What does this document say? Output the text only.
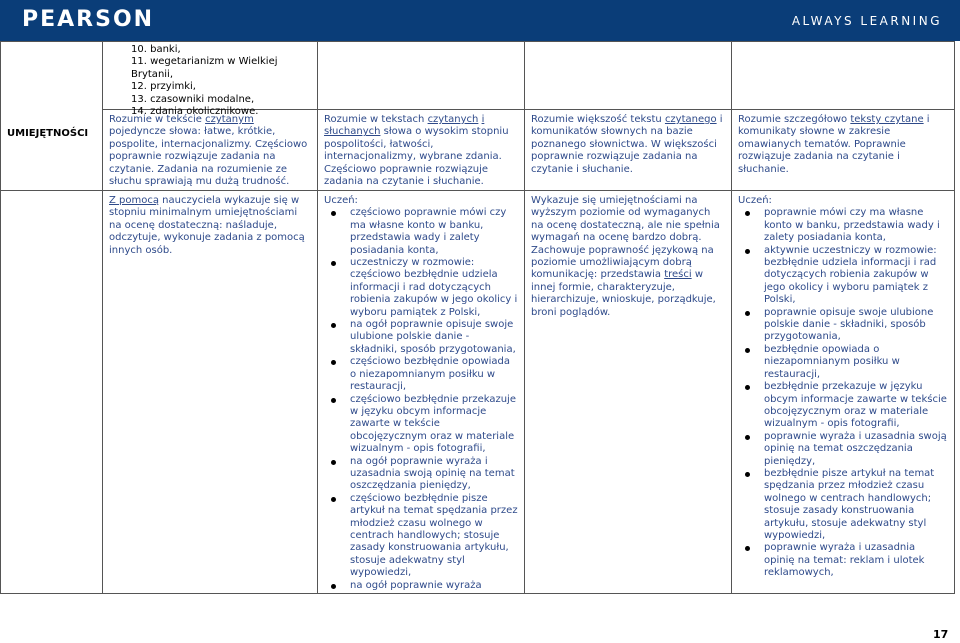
PEARSON	ALWAYS LEARNING
10. banki,
11. wegetarianizm w Wielkiej Brytanii,
12. przyimki,
13. czasowniki modalne,
14. zdania okolicznikowe.
UMIEJĘTNOŚCI
Rozumie w tekście czytanym pojedyncze słowa: łatwe, krótkie, pospolite, internacjonalizmy. Częściowo poprawnie rozwiązuje zadania na czytanie. Zadania na rozumienie ze słuchu sprawiają mu dużą trudność.
Rozumie w tekstach czytanych i słuchanych słowa o wysokim stopniu pospolitości, łatwości, internacjonalizmy, wybrane zdania. Częściowo poprawnie rozwiązuje zadania na czytanie i słuchanie.
Rozumie większość tekstu czytanego i komunikatów słownych na bazie poznanego słownictwa. W większości poprawnie rozwiązuje zadania na czytanie i słuchanie.
Rozumie szczegółowo teksty czytane i komunikaty słowne w zakresie omawianych tematów. Poprawnie rozwiązuje zadania na czytanie i słuchanie.
Z pomocą nauczyciela wykazuje się w stopniu minimalnym umiejętnościami na ocenę dostateczną: naśladuje, odczytuje, wykonuje zadania z pomocą innych osób.
Uczeń:
częściowo poprawnie mówi czy ma własne konto w banku, przedstawia wady i zalety posiadania konta,
uczestniczy w rozmowie: częściowo bezbłędnie udziela informacji i rad dotyczących robienia zakupów w jego okolicy i wyboru pamiątek z Polski,
na ogół poprawnie opisuje swoje ulubione polskie danie - składniki, sposób przygotowania,
częściowo bezbłędnie opowiada o niezapomnianym posiłku w restauracji,
częściowo bezbłędnie przekazuje w języku obcym informacje zawarte w tekście obcojęzycznym oraz w materiale wizualnym - opis fotografii,
na ogół poprawnie wyraża i uzasadnia swoją opinię na temat oszczędzania pieniędzy,
częściowo bezbłędnie pisze artykuł na temat spędzania przez młodzież czasu wolnego w centrach handlowych; stosuje zasady konstruowania artykułu, stosuje adekwatny styl wypowiedzi,
na ogół poprawnie wyraża
Wykazuje się umiejętnościami na wyższym poziomie od wymaganych na ocenę dostateczną, ale nie spełnia wymagań na ocenę bardzo dobrą. Zachowuje poprawność językową na poziomie umożliwiającym dobrą komunikację: przedstawia treści w innej formie, charakteryzuje, hierarchizuje, wnioskuje, porządkuje, broni poglądów.
Uczeń:
poprawnie mówi czy ma własne konto w banku, przedstawia wady i zalety posiadania konta,
aktywnie uczestniczy w rozmowie: bezbłędnie udziela informacji i rad dotyczących robienia zakupów w jego okolicy i wyboru pamiątek z Polski,
poprawnie opisuje swoje ulubione polskie danie - składniki, sposób przygotowania,
bezbłędnie opowiada o niezapomnianym posiłku w restauracji,
bezbłędnie przekazuje w języku obcym informacje zawarte w tekście obcojęzycznym oraz w materiale wizualnym - opis fotografii,
poprawnie wyraża i uzasadnia swoją opinię na temat oszczędzania pieniędzy,
bezbłędnie pisze artykuł na temat spędzania przez młodzież czasu wolnego w centrach handlowych; stosuje zasady konstruowania artykułu, stosuje adekwatny styl wypowiedzi,
poprawnie wyraża i uzasadnia opinię na temat: reklam i ulotek reklamowych,
17
